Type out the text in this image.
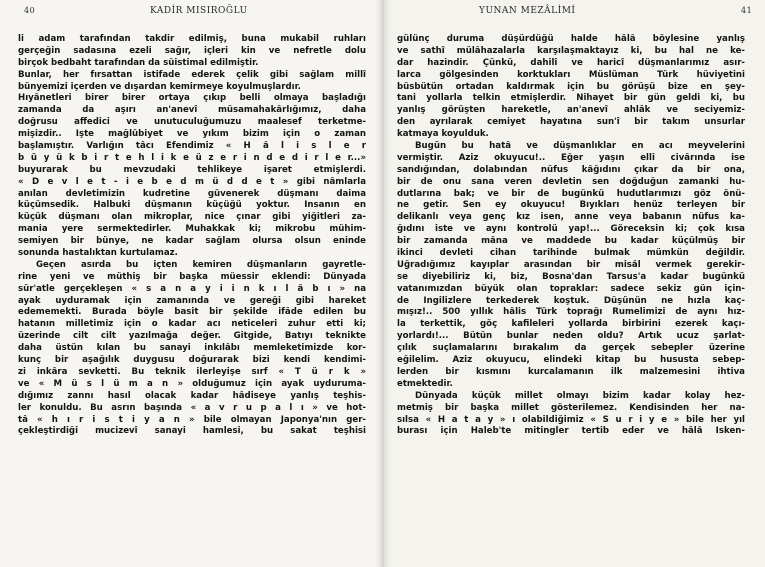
40	KADİR MISIROĞLU
li adam tarafından takdir edilmiş, buna mukabil ruhları
gerçeğin sadasına ezeli sağır, içleri kin ve nefretle dolu
birçok bedbaht tarafından da sûistimal edilmiştir.
Bunlar, her fırsattan istifade ederek çelik gibi sağlam millî
bünyemizi içerden ve dışardan kemirmeye koyulmuşlardır.
Hıyânetleri birer birer ortaya çıkıp belli olmaya başladığı
zamanda da aşırı an'anevî müsamahakârlığımız, daha
doğrusu affedici ve unutuculuğumuzu maalesef terketme-
mişizdir.. İşte mağlûbiyet ve yıkım bizim için o zaman
başlamıştır. Varlığın tâcı Efendimiz « H â l i s l e r
b ü y ü k b i r t e h l i k e ü z e r i n d e d i r l e r...»
buyurarak bu mevzudaki tehlikeye işaret etmişlerdi.
« D e v l e t - i e b e d m ü d d e t » gibi nâmlarla
anılan devletimizin kudretine güvenerek düşmanı daima
küçümsedik. Halbuki düşmanın küçüğü yoktur. İnsanın en
küçük düşmanı olan mikroplar, nice çınar gibi yiğitleri za-
mania yere sermektedirler. Muhakkak ki; mikrobu mühim-
semiyen bir bünye, ne kadar sağlam olursa olsun eninde
sonunda hastalıktan kurtulamaz.
Geçen asırda bu içten kemiren düşmanların gayretle-
rine yeni ve müthiş bir başka müessir eklendi: Dünyada
sür'atle gerçekleşen « s a n a y i i n k ı l â b ı » na
ayak uyduramak için zamanında ve gereği gibi hareket
edememekti. Burada böyle basit bir şekilde ifâde edilen bu
hatanın milletimiz için o kadar acı neticeleri zuhur etti ki;
üzerinde cilt cilt yazılmağa değer. Gitgide, Batıyı teknikte
daha üstün kılan bu sanayi inkılâbı memleketimizde kor-
kunç bir aşağılık duygusu doğurarak bizi kendi kendimi-
zi inkâra sevketti. Bu teknik ilerleyişe sırf « T ü r k »
ve « M ü s l ü m a n » olduğumuz için ayak uyduruma-
dığımız zannı hasıl olacak kadar hâdiseye yanlış teşhis-
ler konuldu. Bu asrın başında « a v r u p a l ı » ve hot-
tâ « h ı r i s t i y a n » bile olmayan Japonya'nın ger-
çekleştirdiği mucizevî sanayi hamlesi, bu sakat teşhisi
YUNAN MEZÂLİMİ	41
gülünç duruma düşürdüğü halde hâlâ böylesine yanlış
ve sathî mülâhazalarla karşılaşmaktayız ki, bu hal ne ke-
dar hazindir. Çünkü, dahilî ve haricî düşmanlarımız asır-
larca gölgesinden korktukları Müslüman Türk hüviyetini
büsbütün ortadan kaldırmak için bu görüşü bize en şey-
tani yollarla telkin etmişlerdir. Nihayet bir gün geldi ki, bu
yanlış görüşten hareketle, an'anevî ahlâk ve seciyemiz-
den ayrılarak cemiyet hayatına sun'î bir takım unsurlar
katmaya koyulduk.
Bugün bu hatâ ve düşmanlıklar en acı meyvelerini
vermiştir. Aziz okuyucu!.. Eğer yaşın elli civârında ise
sandığından, dolabından nüfus kâğıdını çıkar da bir ona,
bir de onu sana veren devletin sen doğduğun zamanki hu-
dutlarına bak; ve bir de bugünkü hudutlarımızı göz önü-
ne getir. Sen ey okuyucu! Bıyıkları henüz terleyen bir
delikanlı veya genç kız isen, anne veya babanın nüfus ka-
ğıdını iste ve aynı kontrolü yap!... Göreceksin ki; çok kısa
bir zamanda mâna ve maddede bu kadar küçülmüş bir
ikinci devleti cihan tarihinde bulmak mümkün değildir.
Uğradığımız kayıplar arasından bir misâl vermek gerekir-
se diyebiliriz ki, biz, Bosna'dan Tarsus'a kadar bugünkü
vatanımızdan büyük olan topraklar: sadece sekiz gün için-
de İngilizlere terkederek koştuk. Düşünün ne hızla kaç-
mışız!.. 500 yıllık hâlis Türk toprağı Rumelimizi de aynı hız-
la terkettik, göç kafileleri yollarda birbirini ezerek kaçı-
yorlardı!... Bütün bunlar neden oldu? Artık ucuz şarlat-
çılık suçlamalarını bırakalım da gerçek sebepler üzerine
eğilelim. Aziz okuyucu, elindeki kitap bu hususta sebep-
lerden bir kısmını kurcalamanın ilk malzemesini ihtiva
etmektedir.
Dünyada küçük millet olmayı bizim kadar kolay hez-
metmiş bir başka millet gösterilemez. Kendisinden her na-
sılsa « H a t a y » ı olabildiğimiz « S u r i y e » bile her yıl
burası için Haleb'te mitingler tertib eder ve hâlâ İsken-
